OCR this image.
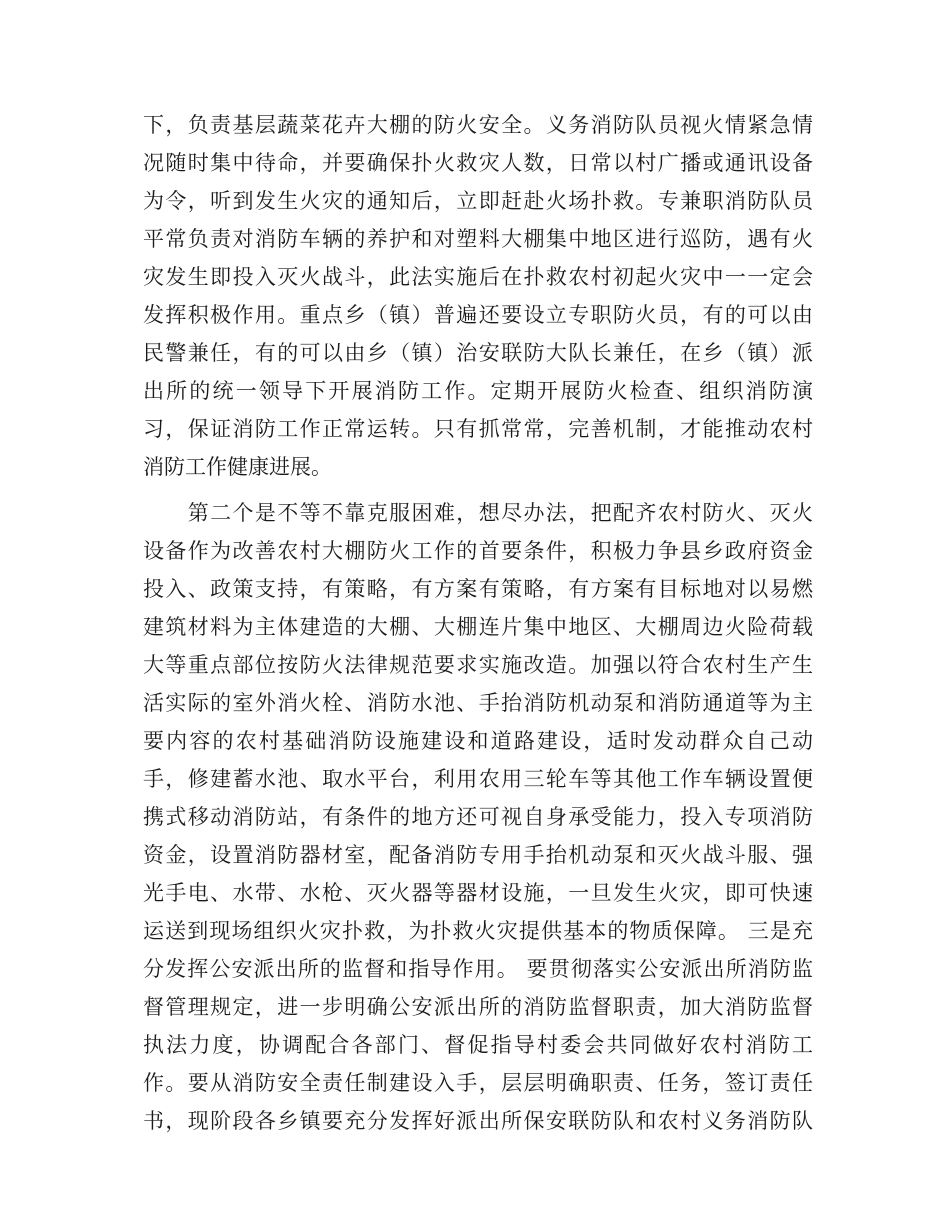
下，负责基层蔬菜花卉大棚的防火安全。义务消防队员视火情紧急情
况随时集中待命，并要确保扑火救灾人数，日常以村广播或通讯设备
为令，听到发生火灾的通知后，立即赶赴火场扑救。专兼职消防队员
平常负责对消防车辆的养护和对塑料大棚集中地区进行巡防，遇有火
灾发生即投入灭火战斗，此法实施后在扑救农村初起火灾中一一定会
发挥积极作用。重点乡（镇）普遍还要设立专职防火员，有的可以由
民警兼任，有的可以由乡（镇）治安联防大队长兼任，在乡（镇）派
出所的统一领导下开展消防工作。定期开展防火检查、组织消防演
习，保证消防工作正常运转。只有抓常常，完善机制，才能推动农村
消防工作健康进展。
　　第二个是不等不靠克服困难，想尽办法，把配齐农村防火、灭火
设备作为改善农村大棚防火工作的首要条件，积极力争县乡政府资金
投入、政策支持，有策略，有方案有策略，有方案有目标地对以易燃
建筑材料为主体建造的大棚、大棚连片集中地区、大棚周边火险荷载
大等重点部位按防火法律规范要求实施改造。加强以符合农村生产生
活实际的室外消火栓、消防水池、手抬消防机动泵和消防通道等为主
要内容的农村基础消防设施建设和道路建设，适时发动群众自己动
手，修建蓄水池、取水平台，利用农用三轮车等其他工作车辆设置便
携式移动消防站，有条件的地方还可视自身承受能力，投入专项消防
资金，设置消防器材室，配备消防专用手抬机动泵和灭火战斗服、强
光手电、水带、水枪、灭火器等器材设施，一旦发生火灾，即可快速
运送到现场组织火灾扑救，为扑救火灾提供基本的物质保障。 三是充
分发挥公安派出所的监督和指导作用。 要贯彻落实公安派出所消防监
督管理规定，进一步明确公安派出所的消防监督职责，加大消防监督
执法力度，协调配合各部门、督促指导村委会共同做好农村消防工
作。要从消防安全责任制建设入手，层层明确职责、任务，签订责任
书，现阶段各乡镇要充分发挥好派出所保安联防队和农村义务消防队
